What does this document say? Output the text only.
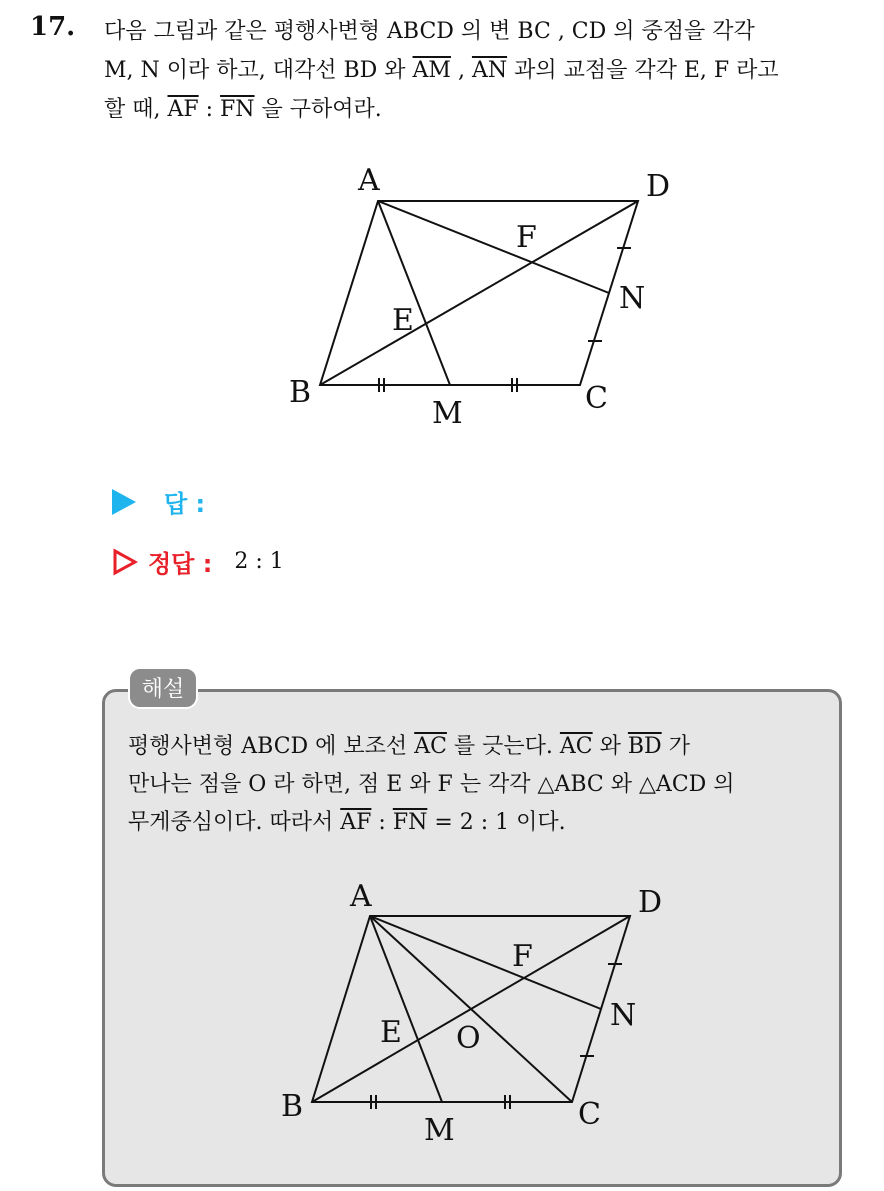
17. 다음 그림과 같은 평행사변형 ABCD 의 변 BC , CD 의 중점을 각각
M, N 이라 하고, 대각선 BD 와 $\overline{AM}$ , $\overline{AN}$ 과의 교점을 각각 E, F 라고
할 때, $\overline{AF}$ : $\overline{FN}$ 을 구하여라.
A	D
F
N
E
B	C
M
답 :
정답 : 2 : 1
해설
평행사변형 ABCD 에 보조선 $\overline{AC}$ 를 긋는다. $\overline{AC}$ 와 $\overline{BD}$ 가
만나는 점을 O 라 하면, 점 E 와 F 는 각각 △ABC 와 △ACD 의
무게중심이다. 따라서 $\overline{AF}$ : $\overline{FN} = 2$ : 1 이다.
A	D
F
N
E O
B	C
M
